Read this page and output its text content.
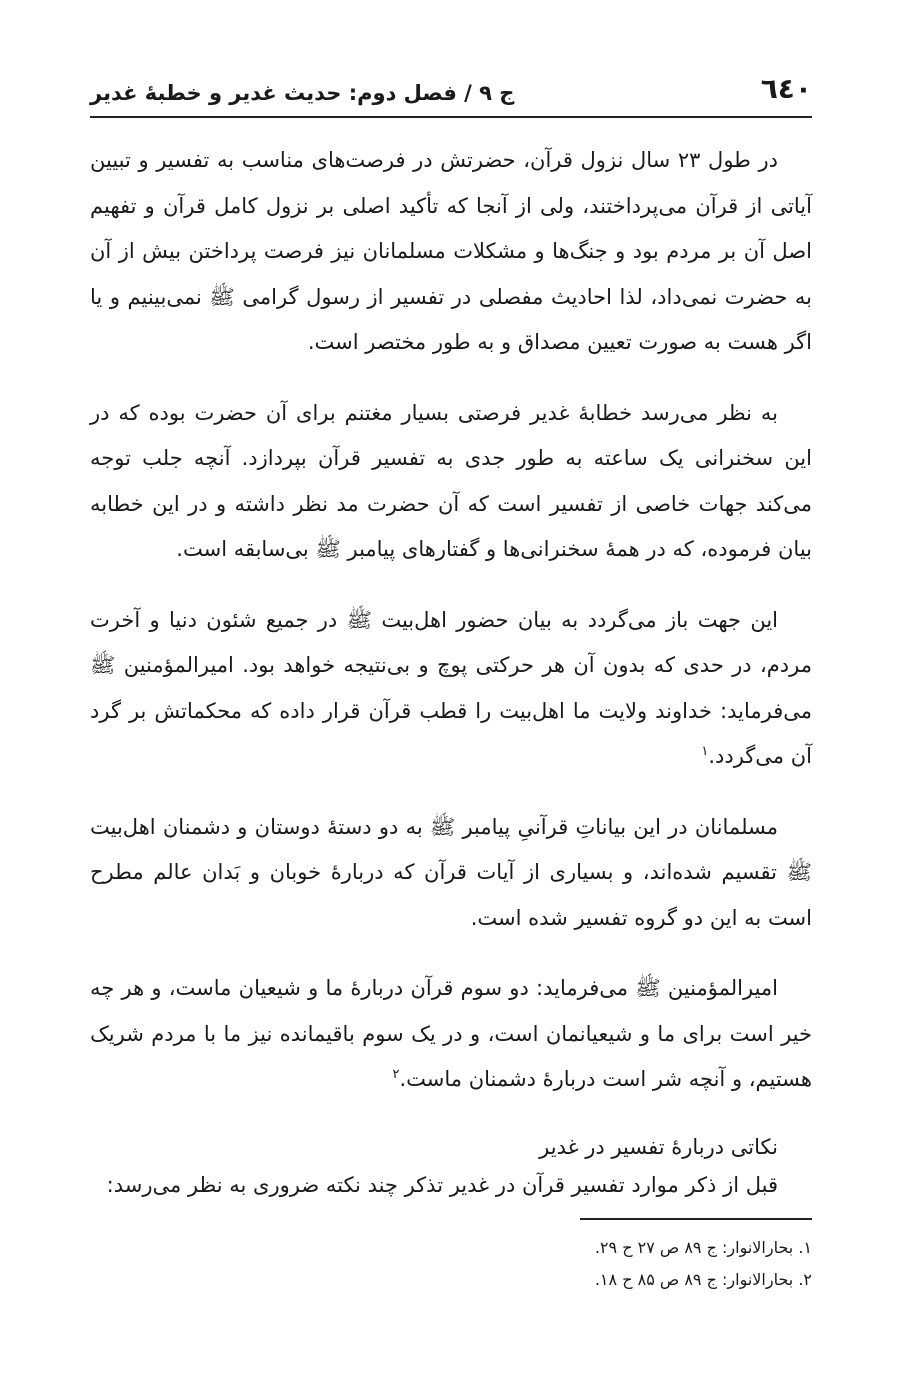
٦٤٠
ج ۹ / فصل دوم: حدیث غدیر و خطبهٔ غدیر

در طول ۲۳ سال نزول قرآن، حضرتش در فرصت‌های مناسب به تفسیر و تبیین آیاتی از قرآن می‌پرداختند، ولی از آنجا که تأکید اصلی بر نزول کامل قرآن و تفهیم اصل آن بر مردم بود و جنگ‌ها و مشکلات مسلمانان نیز فرصت پرداختن بیش از آن به حضرت نمی‌داد، لذا احادیث مفصلی در تفسیر از رسول گرامی ﷺ نمی‌بینیم و یا اگر هست به صورت تعیین مصداق و به طور مختصر است.

به نظر می‌رسد خطابهٔ غدیر فرصتی بسیار مغتنم برای آن حضرت بوده که در این سخنرانی یک ساعته به طور جدی به تفسیر قرآن بپردازد. آنچه جلب توجه می‌کند جهات خاصی از تفسیر است که آن حضرت مد نظر داشته و در این خطابه بیان فرموده، که در همهٔ سخنرانی‌ها و گفتارهای پیامبر ﷺ بی‌سابقه است.

این جهت باز می‌گردد به بیان حضور اهل‌بیت ﷺ در جمیع شئون دنیا و آخرت مردم، در حدی که بدون آن هر حرکتی پوچ و بی‌نتیجه خواهد بود. امیرالمؤمنین ﷺ می‌فرماید: خداوند ولایت ما اهل‌بیت را قطب قرآن قرار داده که محکماتش بر گرد آن می‌گردد.$^۱$

مسلمانان در این بیاناتِ قرآنیِ پیامبر ﷺ به دو دستهٔ دوستان و دشمنان اهل‌بیت ﷺ تقسیم شده‌اند، و بسیاری از آیات قرآن که دربارهٔ خوبان و بَدان عالم مطرح است به این دو گروه تفسیر شده است.

امیرالمؤمنین ﷺ می‌فرماید: دو سوم قرآن دربارهٔ ما و شیعیان ماست، و هر چه خیر است برای ما و شیعیانمان است، و در یک سوم باقیمانده نیز ما با مردم شریک هستیم، و آنچه شر است دربارهٔ دشمنان ماست.$^۲$

نکاتی دربارهٔ تفسیر در غدیر

قبل از ذکر موارد تفسیر قرآن در غدیر تذکر چند نکته ضروری به نظر می‌رسد:

۱. بحارالانوار: ج ۸۹ ص ۲۷ ح ۲۹.

۲. بحارالانوار: ج ۸۹ ص ۸۵ ح ۱۸.
